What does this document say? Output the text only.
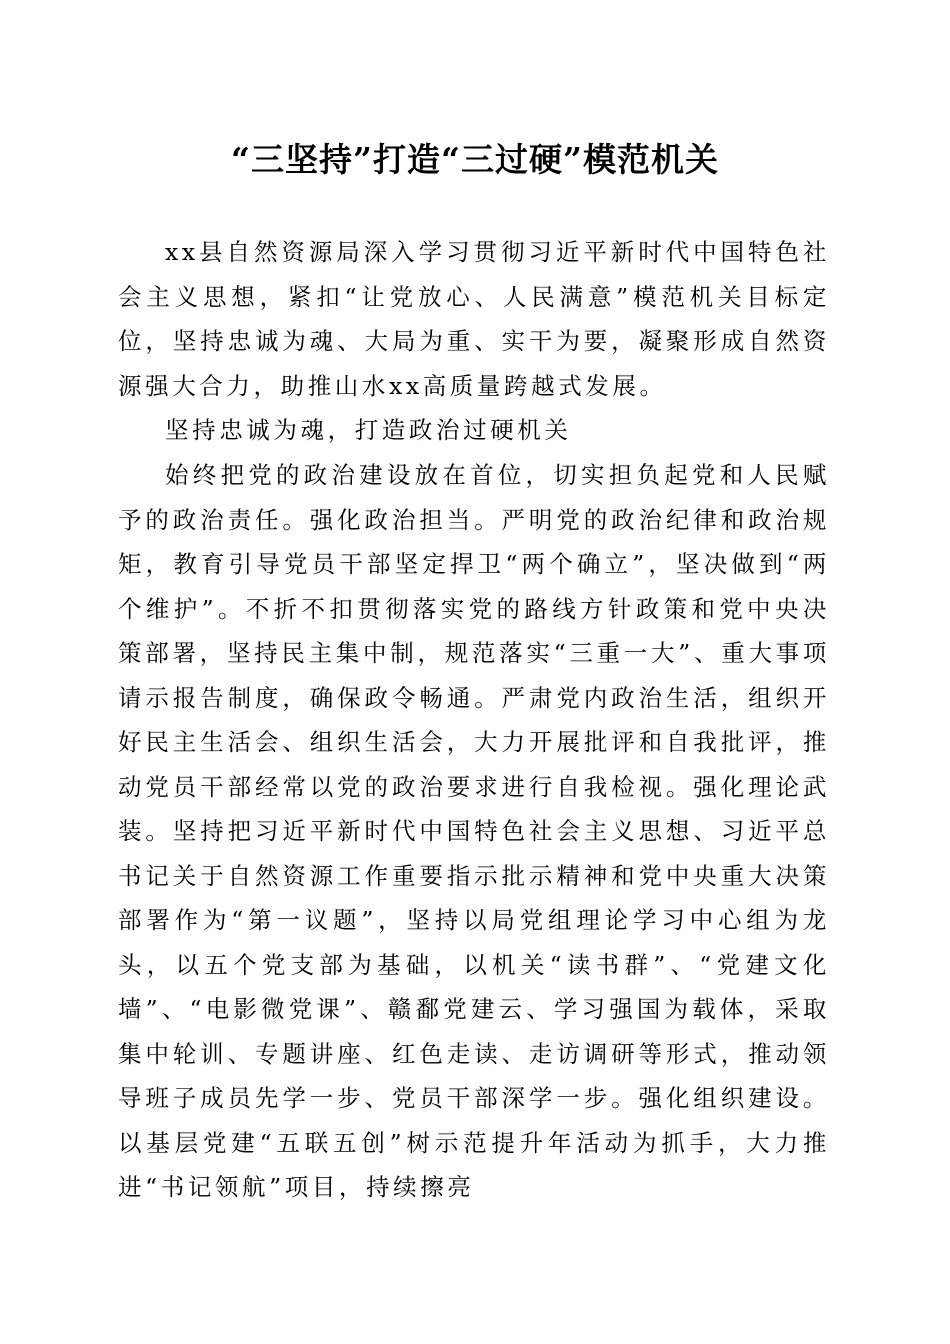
“三坚持”打造“三过硬”模范机关

xx县自然资源局深入学习贯彻习近平新时代中国特色社会主义思想，紧扣“让党放心、人民满意”模范机关目标定位，坚持忠诚为魂、大局为重、实干为要，凝聚形成自然资源强大合力，助推山水xx高质量跨越式发展。

坚持忠诚为魂，打造政治过硬机关

始终把党的政治建设放在首位，切实担负起党和人民赋予的政治责任。强化政治担当。严明党的政治纪律和政治规矩，教育引导党员干部坚定捍卫“两个确立”，坚决做到“两个维护”。不折不扣贯彻落实党的路线方针政策和党中央决策部署，坚持民主集中制，规范落实“三重一大”、重大事项请示报告制度，确保政令畅通。严肃党内政治生活，组织开好民主生活会、组织生活会，大力开展批评和自我批评，推动党员干部经常以党的政治要求进行自我检视。强化理论武装。坚持把习近平新时代中国特色社会主义思想、习近平总书记关于自然资源工作重要指示批示精神和党中央重大决策部署作为“第一议题”，坚持以局党组理论学习中心组为龙头，以五个党支部为基础，以机关“读书群”、“党建文化墙”、“电影微党课”、赣鄱党建云、学习强国为载体，采取集中轮训、专题讲座、红色走读、走访调研等形式，推动领导班子成员先学一步、党员干部深学一步。强化组织建设。以基层党建“五联五创”树示范提升年活动为抓手，大力推进“书记领航”项目，持续擦亮
